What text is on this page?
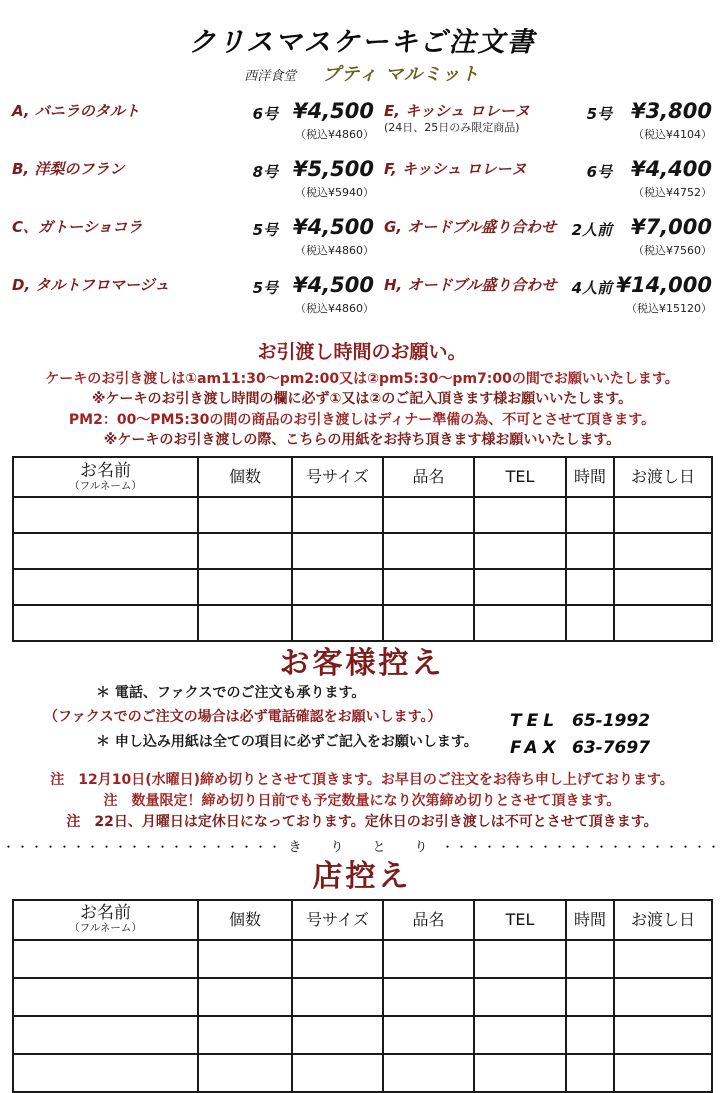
クリスマスケーキご注文書
西洋食堂 プティ マルミット
A, バニラのタルト	6号 ¥4,500
（税込¥4860）
B, 洋梨のフラン	8号 ¥5,500
（税込¥5940）
C、ガトーショコラ	5号 ¥4,500
（税込¥4860）
D, タルトフロマージュ	5号 ¥4,500
（税込¥4860）
E, キッシュ ロレーヌ
(24日、25日のみ限定商品)
5号 ¥3,800
（税込¥4104）
F, キッシュ ロレーヌ	6号 ¥4,400
（税込¥4752）
G, オードブル盛り合わせ	2人前 ¥7,000
（税込¥7560）
H, オードブル盛り合わせ	4人前 ¥14,000
（税込¥15120）
お引渡し時間のお願い。
ケーキのお引き渡しは①am11:30～pm2:00又は②pm5:30～pm7:00の間でお願いいたします。
※ケーキのお引き渡し時間の欄に必ず①又は②のご記入頂きます様お願いいたします。
PM2：00～PM5:30の間の商品のお引き渡しはディナー準備の為、不可とさせて頂きます。
※ケーキのお引き渡しの際、こちらの用紙をお持ち頂きます様お願いいたします。
お名前
（フルネーム）	個数	号サイズ	品名	TEL	時間	お渡し日

お客様控え
＊ 電話、ファクスでのご注文も承ります。
（ファクスでのご注文の場合は必ず電話確認をお願いします。）
＊ 申し込み用紙は全ての項目に必ずご記入をお願いします。
TEL 65-1992
FAX 63-7697
注　12月10日(水曜日)締め切りとさせて頂きます。お早目のご注文をお待ち申し上げております。
注　数量限定！締め切り日前でも予定数量になり次第締め切りとさせて頂きます。
注　22日、月曜日は定休日になっております。定休日のお引き渡しは不可とさせて頂きます。
・・・・・・・・・・・・・・・・・・・・ き　り　と　り ・・・・・・・・・・・・・・・・・・・・
店控え
お名前
（フルネーム）	個数	号サイズ	品名	TEL	時間	お渡し日
